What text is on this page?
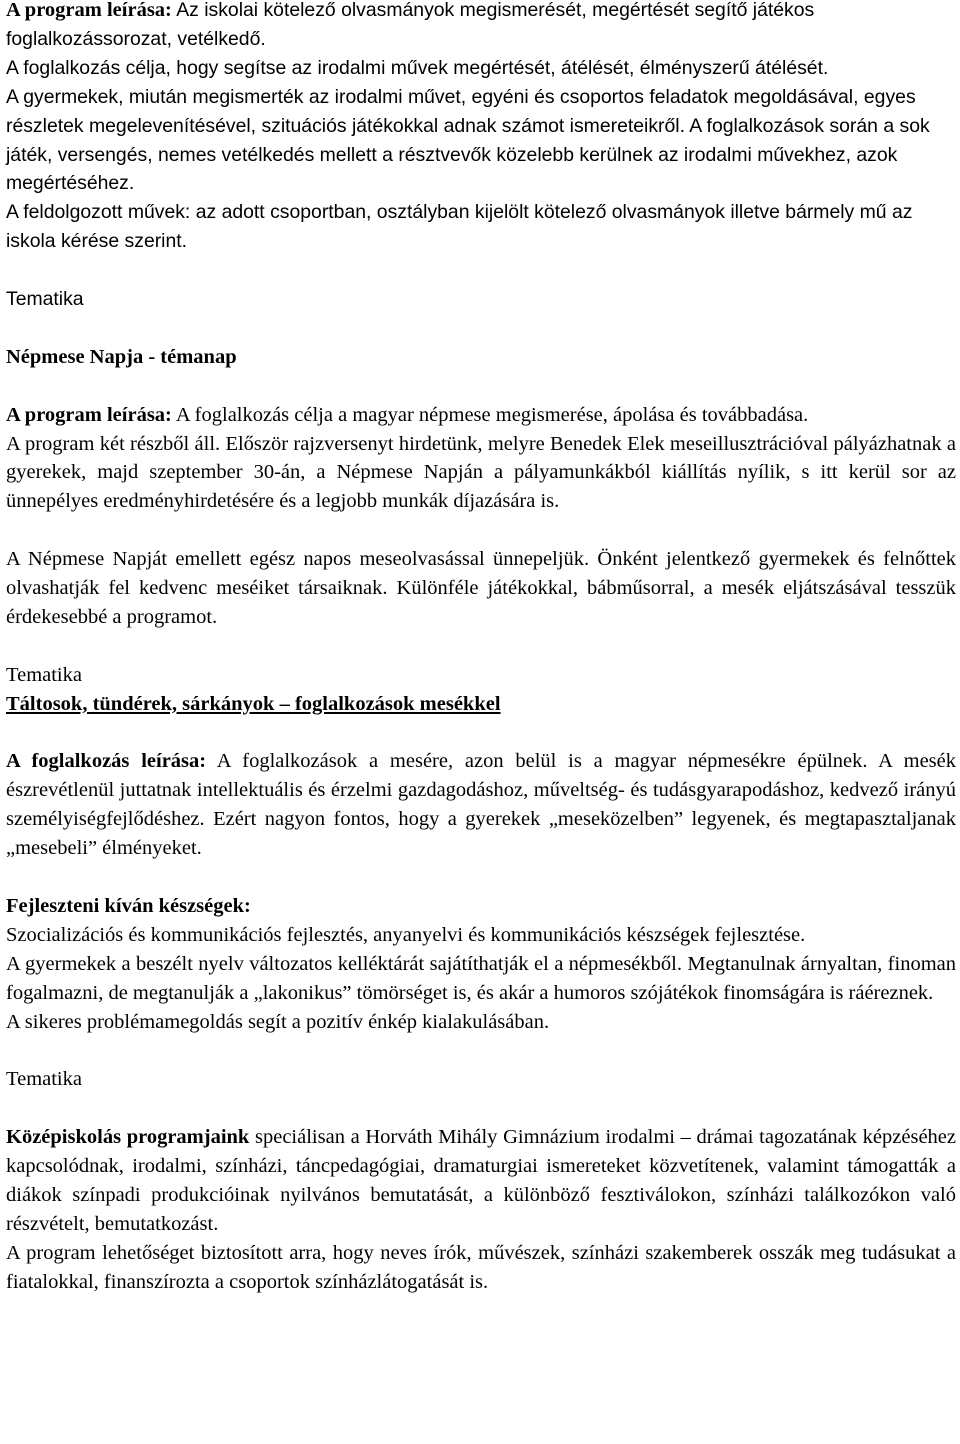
A program leírása: Az iskolai kötelező olvasmányok megismerését, megértését segítő játékos foglalkozássorozat, vetélkedő.

A foglalkozás célja, hogy segítse az irodalmi művek megértését, átélését, élményszerű átélését.

A gyermekek, miután megismerték az irodalmi művet, egyéni és csoportos feladatok megoldásával, egyes részletek megelevenítésével, szituációs játékokkal adnak számot ismereteikről. A foglalkozások során a sok játék, versengés, nemes vetélkedés mellett a résztvevők közelebb kerülnek az irodalmi művekhez, azok megértéséhez.

A feldolgozott művek: az adott csoportban, osztályban kijelölt kötelező olvasmányok illetve bármely mű az iskola kérése szerint.

Tematika

Népmese Napja - témanap

A program leírása: A foglalkozás célja a magyar népmese megismerése, ápolása és továbbadása.

A program két részből áll. Először rajzversenyt hirdetünk, melyre Benedek Elek meseillusztrációval pályázhatnak a gyerekek, majd szeptember 30-án, a Népmese Napján a pályamunkákból kiállítás nyílik, s itt kerül sor az ünnepélyes eredményhirdetésére és a legjobb munkák díjazására is.

A Népmese Napját emellett egész napos meseolvasással ünnepeljük. Önként jelentkező gyermekek és felnőttek olvashatják fel kedvenc meséiket társaiknak. Különféle játékokkal, bábműsorral, a mesék eljátszásával tesszük érdekesebbé a programot.

Tematika

Táltosok, tündérek, sárkányok – foglalkozások mesékkel

A foglalkozás leírása: A foglalkozások a mesére, azon belül is a magyar népmesékre épülnek. A mesék észrevétlenül juttatnak intellektuális és érzelmi gazdagodáshoz, műveltség- és tudásgyarapodáshoz, kedvező irányú személyiségfejlődéshez. Ezért nagyon fontos, hogy a gyerekek „meseközelben” legyenek, és megtapasztaljanak „mesebeli” élményeket.

Fejleszteni kíván készségek:

Szocializációs és kommunikációs fejlesztés, anyanyelvi és kommunikációs készségek fejlesztése.

A gyermekek a beszélt nyelv változatos kelléktárát sajátíthatják el a népmesékből. Megtanulnak árnyaltan, finoman fogalmazni, de megtanulják a „lakonikus” tömörséget is, és akár a humoros szójátékok finomságára is ráéreznek.

A sikeres problémamegoldás segít a pozitív énkép kialakulásában.

Tematika

Középiskolás programjaink speciálisan a Horváth Mihály Gimnázium irodalmi – drámai tagozatának képzéséhez kapcsolódnak, irodalmi, színházi, táncpedagógiai, dramaturgiai ismereteket közvetítenek, valamint támogatták a diákok színpadi produkcióinak nyilvános bemutatását, a különböző fesztiválokon, színházi találkozókon való részvételt, bemutatkozást.

A program lehetőséget biztosított arra, hogy neves írók, művészek, színházi szakemberek osszák meg tudásukat a fiatalokkal, finanszírozta a csoportok színházlátogatását is.
